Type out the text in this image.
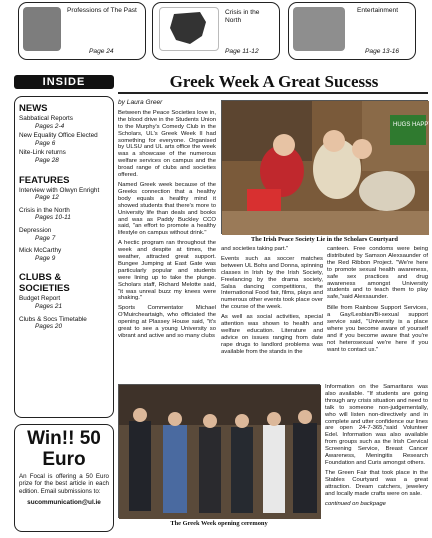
Professions of The Past
Page 24
Crisis in the North
Page 11-12
Entertainment
Page 13-16
INSIDE	Greek Week A Great Sucesss
NEWS
Sabbatical Reports
Pages 2-4
New Equality Office Elected
Page 6
Nite-Link returns
Page 28
FEATURES
Interview with Olwyn Enright
Page 12
Crisis in the North
Pages 10-11
Depression
Page 7
Mick McCarthy
Page 9
CLUBS & SOCIETIES
Budget Report
Pages 21
Clubs & Socs Timetable
Pages 20
Win!! 50 Euro
An Focal is offering a 50 Euro prize for the best article in each edition. Email submissions to:
sucommunication@ul.ie
by Laura Greer

Between the Peace Societies love in, the blood drive in the Students Union to the Murphy's Comedy Club in the Scholars, UL's Greek Week II had something for everyone. Organised by ULSU and UL arts office the week was a showcase of the numerous welfare services on campus and the broad range of clubs and societies offered.

Named Greek week because of the Greeks connection that a healthy body equals a healthy mind it showed students that there's more to University life than deals and books and was as Paddy Buckley CCO said, "an effort to promote a healthy lifestyle on campus without drink."

A hectic program ran throughout the week and despite at times, the weather, attracted great support. Bungee Jumping at East Gate was particularly popular and students were lining up to take the plunge. Scholars staff, Richard Melotte said, "it was unreal buzz my knees were shaking."

Sports Commentator Michael O'Muircheartaigh, who officiated the opening at Plassey House said, "it's great to see a young University so vibrant and active and so many clubs

HUGS HAPPY
The Irish Peace Society Lie in the Scholars Courtyard

and societies taking part."

Events such as soccer matches between UL Bohs and Donna, spinning classes in Irish by the Irish Society, Freelancing by the drama society, Salsa dancing competitions, the International Food fair, films, plays and numerous other events took place over the course of the week.

As well as social activities, special attention was shown to health and welfare education. Literature and advice on issues ranging from date rape drugs to landlord problems was available from the stands in the

canteen. Free condoms were being distributed by Samson Alexsaunder of the Red Ribbon Project. "We're here to promote sexual health awareness, safe sex practices and drug awareness amongst University students and to teach them to play safe,"said Alexsaunder.

Bille from Rainbow Support Services, a Gay/Lesbian/Bi-sexual support service said, "University is a place where you become aware of yourself and if you become aware that you're not heterosexual we're here if you want to contact us."

The Greek Week opening ceremony

Information on the Samaritans was also available. "If students are going through any crisis situation and need to talk to someone non-judgementally, who will listen non-directively and in complete and utter confidence our lines are open 24-7-365,"said Volunteer Edel. Information was also available from groups such as the Irish Cervical Screening Service, Breast Cancer Awareness, Meningitis Research Foundation and Curis amongst others.

The Green Fair that took place in the Stables Courtyard was a great attraction. Dream catchers, jewelery and locally made crafts were on sale.

continued on backpage
